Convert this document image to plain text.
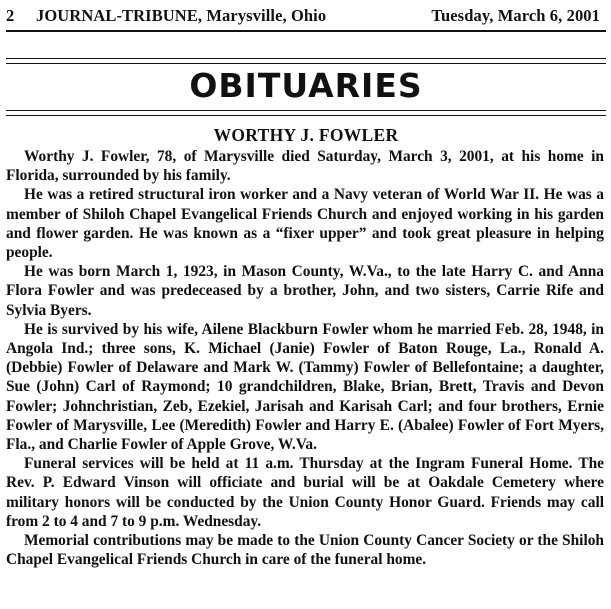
2 JOURNAL-TRIBUNE, Marysville, Ohio	Tuesday, March 6, 2001
OBITUARIES
WORTHY J. FOWLER

Worthy J. Fowler, 78, of Marysville died Saturday, March 3, 2001, at his home in Florida, surrounded by his family.

He was a retired structural iron worker and a Navy veteran of World War II. He was a member of Shiloh Chapel Evangelical Friends Church and enjoyed working in his garden and flower garden. He was known as a “fixer upper” and took great pleasure in helping people.

He was born March 1, 1923, in Mason County, W.Va., to the late Harry C. and Anna Flora Fowler and was predeceased by a brother, John, and two sisters, Carrie Rife and Sylvia Byers.

He is survived by his wife, Ailene Blackburn Fowler whom he married Feb. 28, 1948, in Angola Ind.; three sons, K. Michael (Janie) Fowler of Baton Rouge, La., Ronald A. (Debbie) Fowler of Delaware and Mark W. (Tammy) Fowler of Bellefontaine; a daughter, Sue (John) Carl of Raymond; 10 grandchildren, Blake, Brian, Brett, Travis and Devon Fowler; Johnchristian, Zeb, Ezekiel, Jarisah and Karisah Carl; and four brothers, Ernie Fowler of Marysville, Lee (Meredith) Fowler and Harry E. (Abalee) Fowler of Fort Myers, Fla., and Charlie Fowler of Apple Grove, W.Va.

Funeral services will be held at 11 a.m. Thursday at the Ingram Funeral Home. The Rev. P. Edward Vinson will officiate and burial will be at Oakdale Cemetery where military honors will be conducted by the Union County Honor Guard. Friends may call from 2 to 4 and 7 to 9 p.m. Wednesday.

Memorial contributions may be made to the Union County Cancer Society or the Shiloh Chapel Evangelical Friends Church in care of the funeral home.
